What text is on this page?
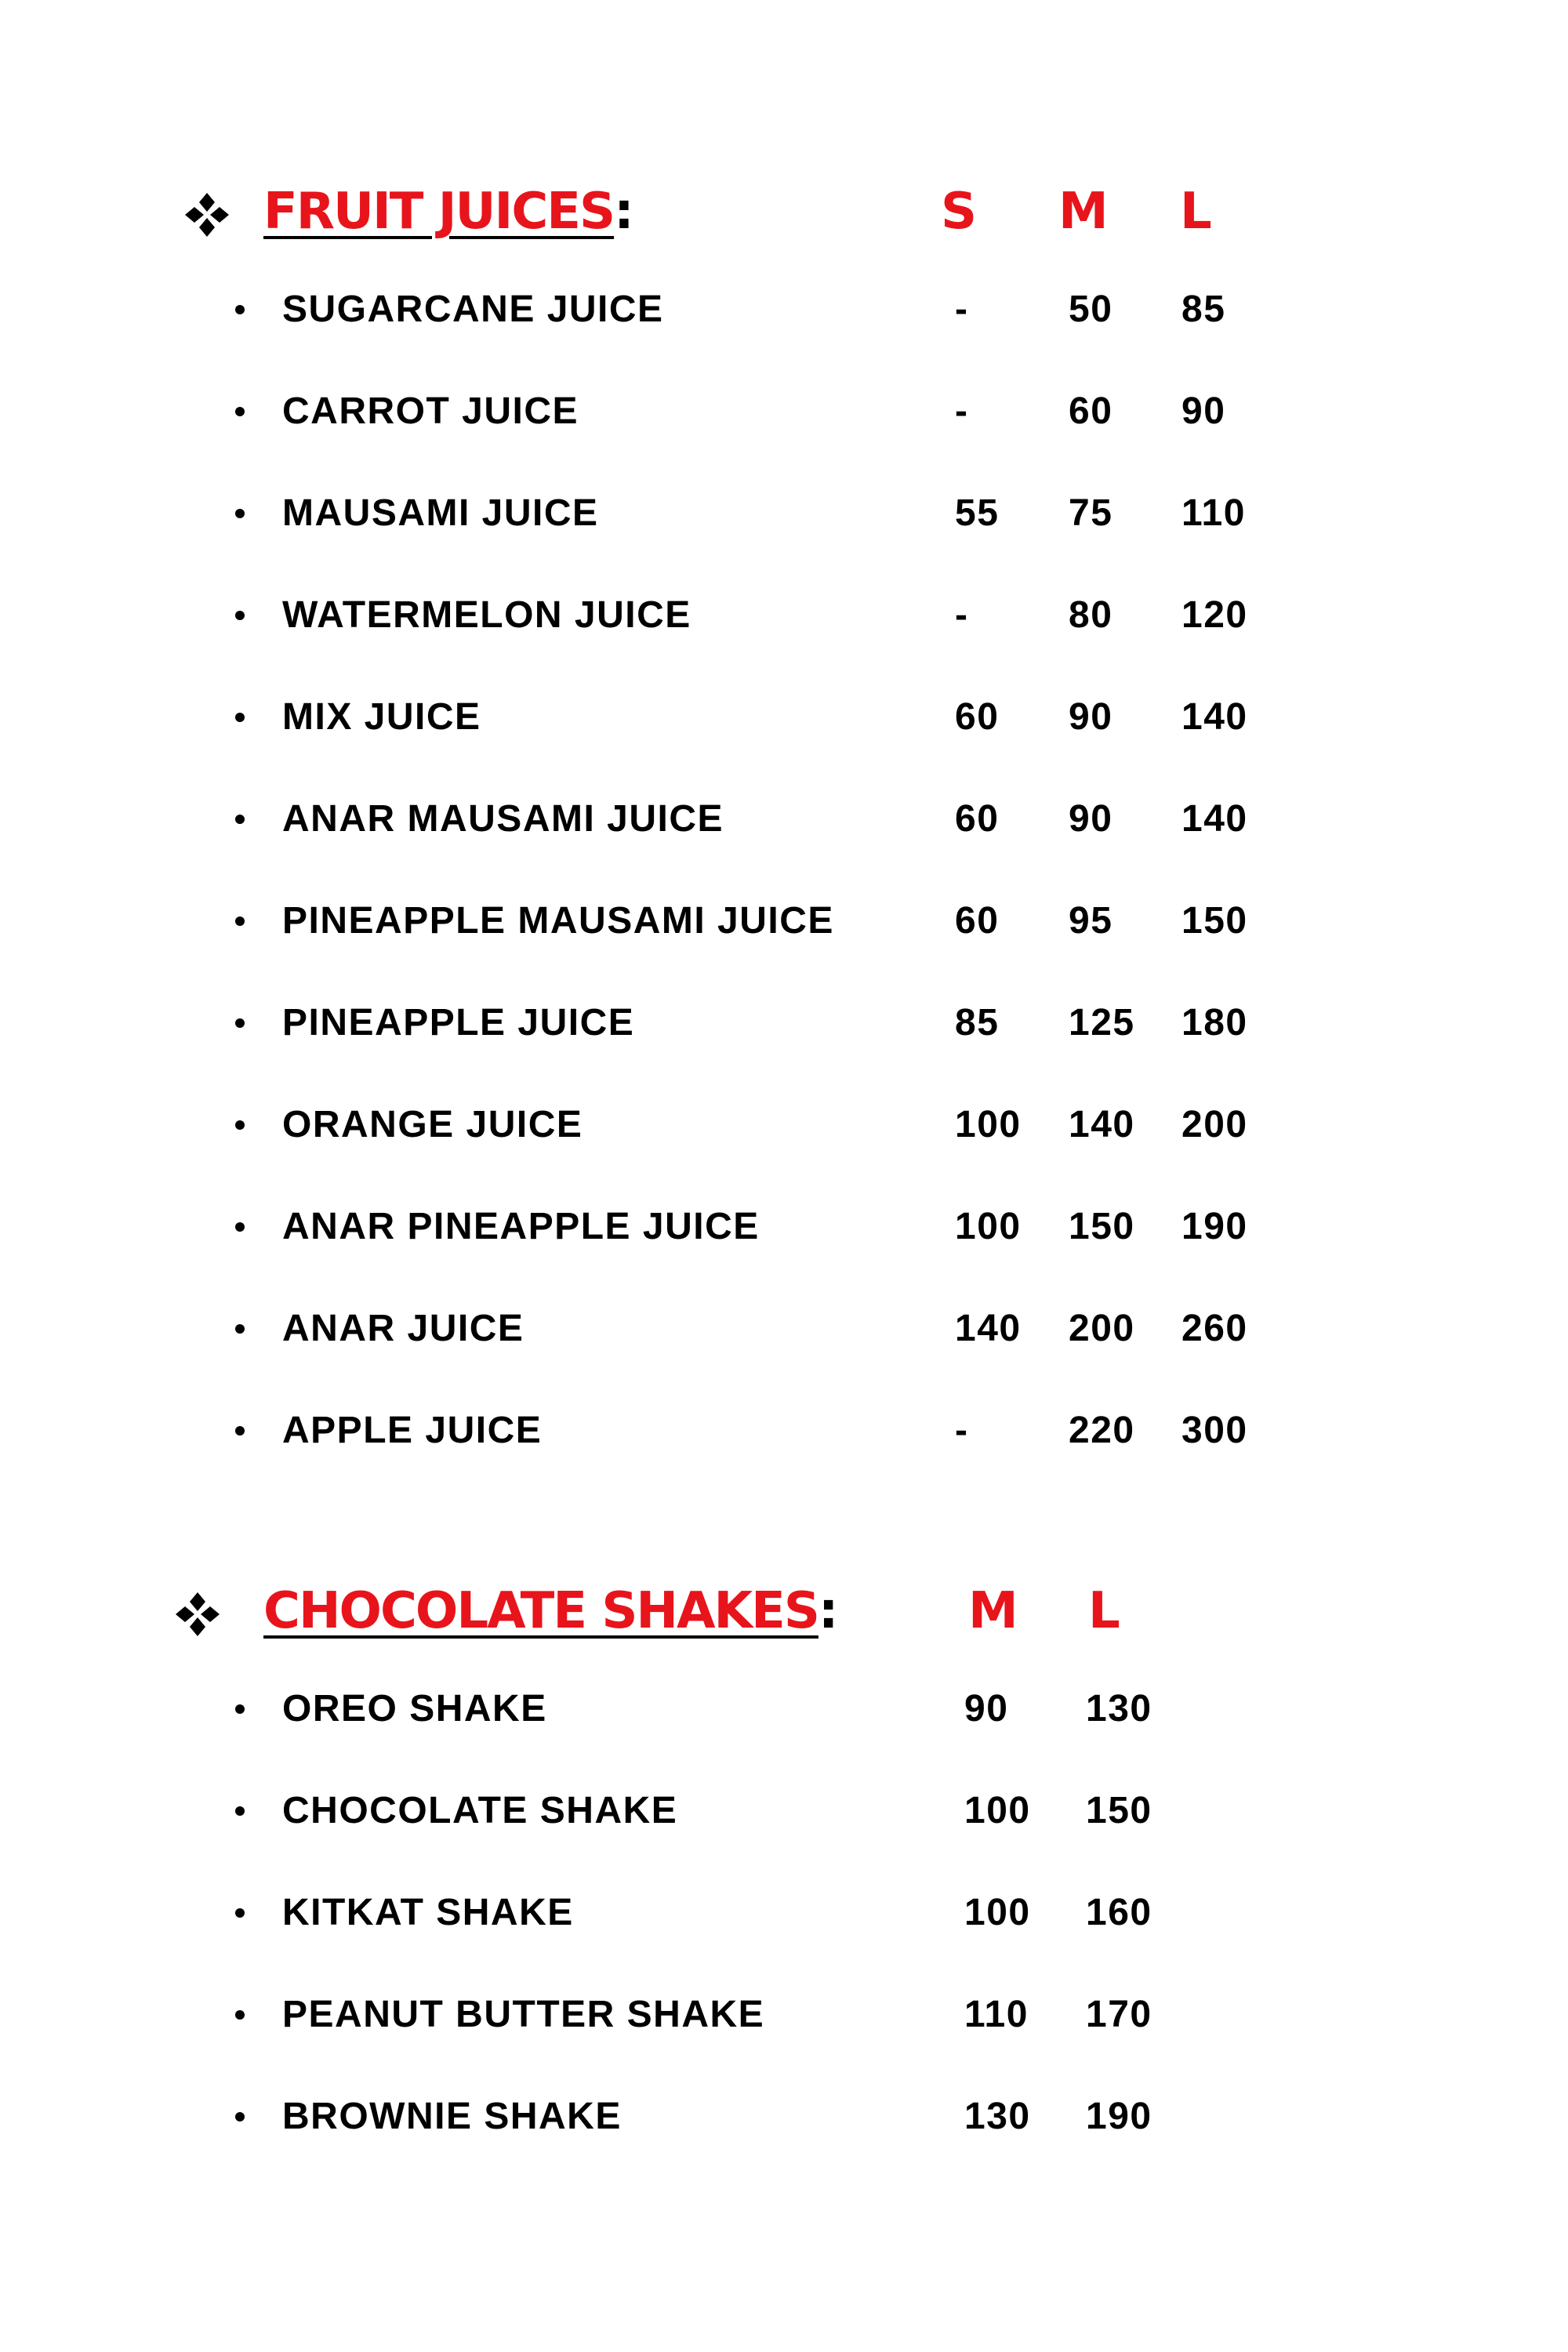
FRUIT JUICES:	S M L
SUGARCANE JUICE	-	50 85
CARROT JUICE	-	60 90
MAUSAMI JUICE	55 75 110
WATERMELON JUICE	-	80 120
MIX JUICE	60 90 140
ANAR MAUSAMI JUICE	60 90 140
PINEAPPLE MAUSAMI JUICE	60 95 150
PINEAPPLE JUICE	85 125 180
ORANGE JUICE	100 140 200
ANAR PINEAPPLE JUICE	100 150 190
ANAR JUICE	140 200 260
APPLE JUICE	-	220 300
CHOCOLATE SHAKES:	M L
OREO SHAKE	90 130
CHOCOLATE SHAKE	100 150
KITKAT SHAKE	100 160
PEANUT BUTTER SHAKE	110 170
BROWNIE SHAKE	130 190
